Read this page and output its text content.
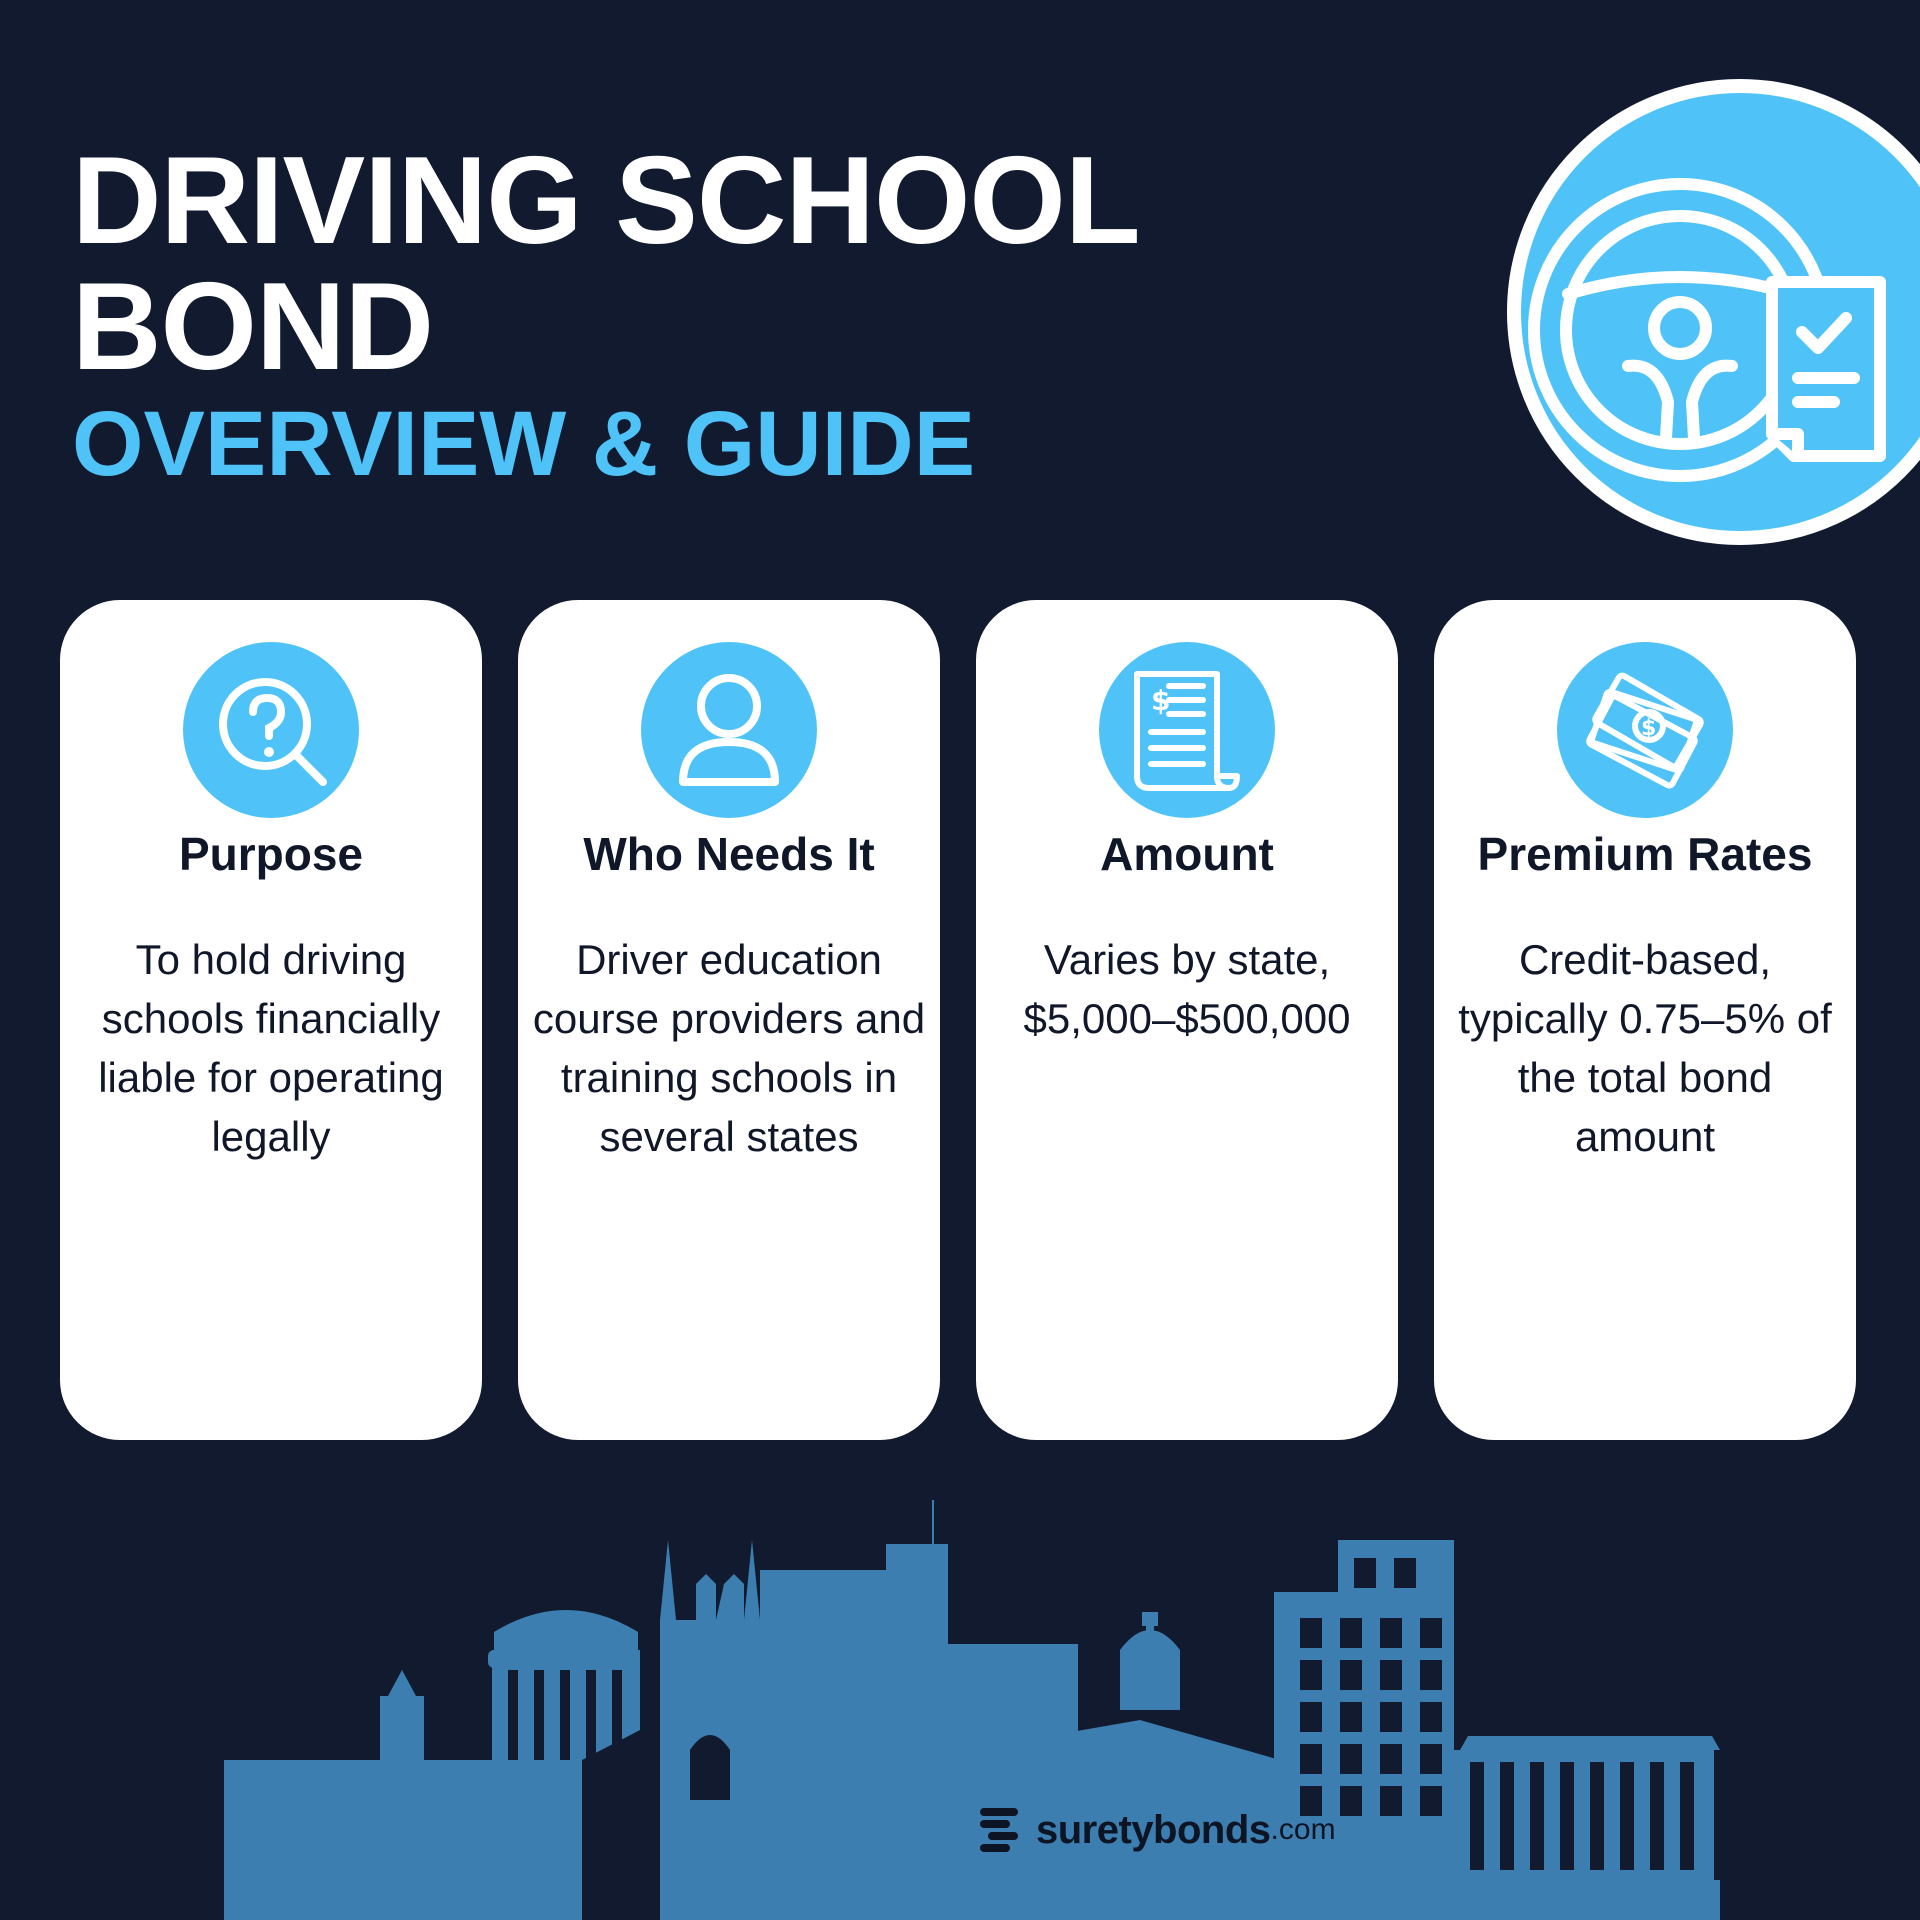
DRIVING SCHOOL BOND
OVERVIEW & GUIDE
Purpose

To hold driving schools financially liable for operating legally

Who Needs It

Driver education course providers and training schools in several states

$
Amount

Varies by state, $5,000–$500,000

$
Premium Rates

Credit-based, typically 0.75–5% of the total bond amount

suretybonds .com
